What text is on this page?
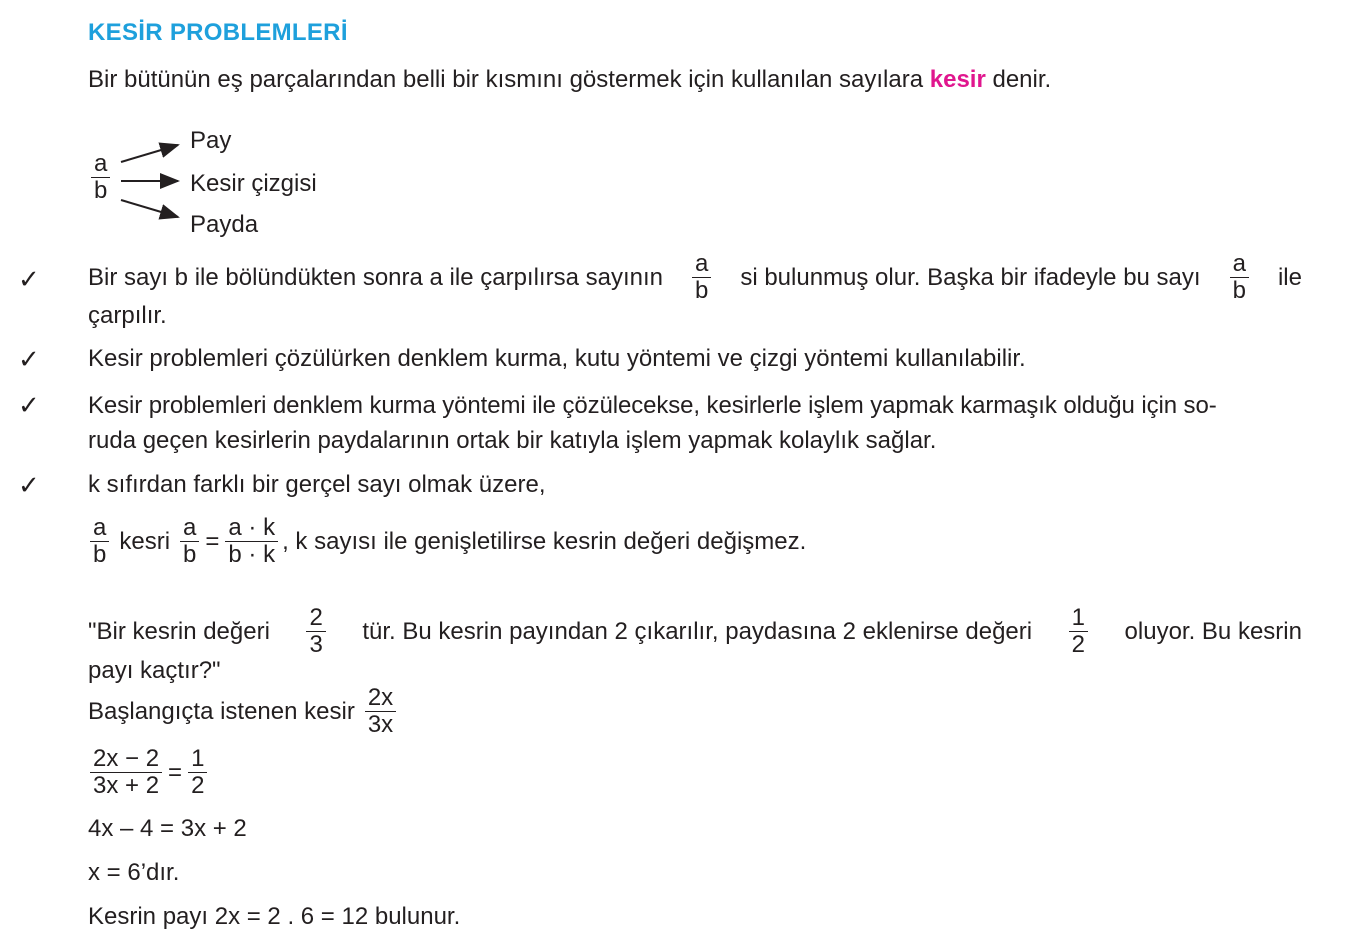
KESİR PROBLEMLERİ
Bir bütünün eş parçalarından belli bir kısmını göstermek için kullanılan sayılara kesir denir.
$\frac{a}{b}$
Pay
Kesir çizgisi
Payda
✓ Bir sayı b ile bölündükten sonra a ile çarpılırsa sayının $\frac{a}{b}$ si bulunmuş olur. Başka bir ifadeyle bu sayı $\frac{a}{b}$ ile
çarpılır.
✓ Kesir problemleri çözülürken denklem kurma, kutu yöntemi ve çizgi yöntemi kullanılabilir.
✓ Kesir problemleri denklem kurma yöntemi ile çözülecekse, kesirlerle işlem yapmak karmaşık olduğu için so-
ruda geçen kesirlerin paydalarının ortak bir katıyla işlem yapmak kolaylık sağlar.
✓ k sıfırdan farklı bir gerçel sayı olmak üzere,
$\frac{a}{b}$ kesri $\frac{a}{b} = \frac{a \cdot k}{b \cdot k}$ , k sayısı ile genişletilirse kesrin değeri değişmez.
"Bir kesrin değeri $\frac{2}{3}$ tür. Bu kesrin payından 2 çıkarılır, paydasına 2 eklenirse değeri $\frac{1}{2}$ oluyor. Bu kesrin
payı kaçtır?"
Başlangıçta istenen kesir $\frac{2x}{3x}$
$\frac{2x - 2}{3x + 2} = \frac{1}{2}$
4x – 4 = 3x + 2
x = 6’dır.
Kesrin payı 2x = 2 . 6 = 12 bulunur.
